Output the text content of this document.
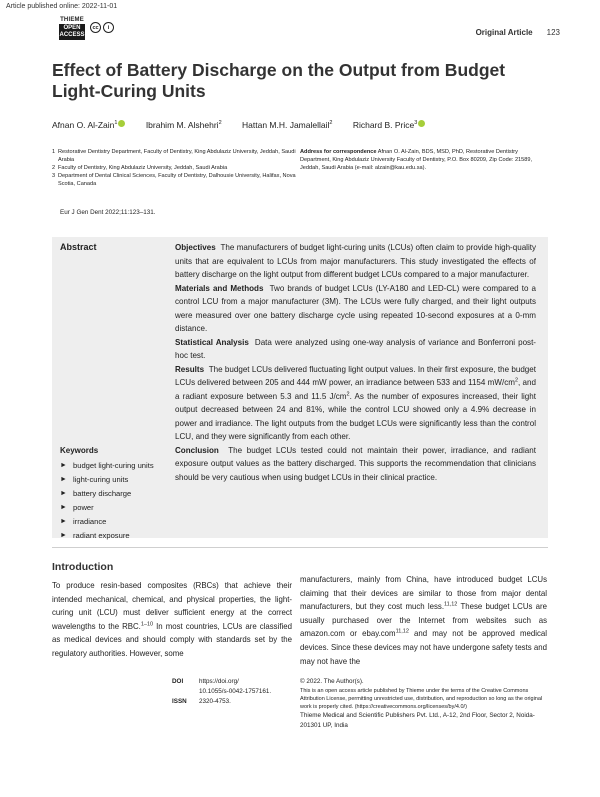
Article published online: 2022-11-01
THIEME
OPEN
ACCESS
cc	i
Original Article 123
Effect of Battery Discharge on the Output from Budget Light-Curing Units
Afnan O. Al-Zain$^1$	Ibrahim M. Alshehri$^2$ Hattan M.H. Jamalellail$^2$ Richard B. Price$^3$
1 Restorative Dentistry Department, Faculty of Dentistry, King Abdulaziz University, Jeddah, Saudi Arabia
2 Faculty of Dentistry, King Abdulaziz University, Jeddah, Saudi Arabia
3 Department of Dental Clinical Sciences, Faculty of Dentistry, Dalhousie University, Halifax, Nova Scotia, Canada
Address for correspondence Afnan O. Al-Zain, BDS, MSD, PhD, Restorative Dentistry Department, King Abdulaziz University Faculty of Dentistry, P.O. Box 80209, Zip Code: 21589, Jeddah, Saudi Arabia (e-mail: alzain@kau.edu.sa).
Eur J Gen Dent 2022;11:123–131.
Abstract	Objectives The manufacturers of budget light-curing units (LCUs) often claim to provide high-quality units that are equivalent to LCUs from major manufacturers. This study investigated the effects of battery discharge on the light output from different budget LCUs compared to a major manufacturer.

Materials and Methods Two brands of budget LCUs (LY-A180 and LED-CL) were compared to a control LCU from a major manufacturer (3M). The LCUs were fully charged, and their light outputs were measured over one battery discharge cycle using repeated 10-second exposures at a 0-mm distance.

Statistical Analysis Data were analyzed using one-way analysis of variance and Bonferroni post-hoc test.

Results The budget LCUs delivered fluctuating light output values. In their first exposure, the budget LCUs delivered between 205 and 444 mW power, an irradiance between 533 and 1154 $mW/cm^2$, and a radiant exposure between 5.3 and 11.5 $J/cm^2$. As the number of exposures increased, their light output decreased between 24 and 81%, while the control LCU showed only a 4.9% decrease in power and irradiance. The light outputs from the budget LCUs were significantly less than the control LCU, and they were significantly from each other.

Conclusion The budget LCUs tested could not maintain their power, irradiance, and radiant exposure output values as the battery discharged. This supports the recommendation that clinicians should be very cautious when using budget LCUs in their clinical practice.

Keywords
► budget light-curing units
► light-curing units
► battery discharge
► power
► irradiance
► radiant exposure
Introduction

To produce resin-based composites (RBCs) that achieve their intended mechanical, chemical, and physical properties, the light-curing unit (LCU) must deliver sufficient energy at the correct wavelengths to the RBC.$^{1-10}$ In most countries, LCUs are classified as medical devices and should comply with standards set by the regulatory authorities. However, some

manufacturers, mainly from China, have introduced budget LCUs claiming that their devices are similar to those from major dental manufacturers, but they cost much less.$^{11,12}$ These budget LCUs are usually purchased over the Internet from websites such as amazon.com or ebay.com$^{11,12}$ and may not be approved medical devices. Since these devices may not have undergone safety tests and may not have the

DOI	https://doi.org/
10.1055/s-0042-1757161.
ISSN 2320-4753.
© 2022. The Author(s).
This is an open access article published by Thieme under the terms of the Creative Commons Attribution License, permitting unrestricted use, distribution, and reproduction so long as the original work is properly cited. (https://creativecommons.org/licenses/by/4.0/)
Thieme Medical and Scientific Publishers Pvt. Ltd., A-12, 2nd Floor, Sector 2, Noida-201301 UP, India
